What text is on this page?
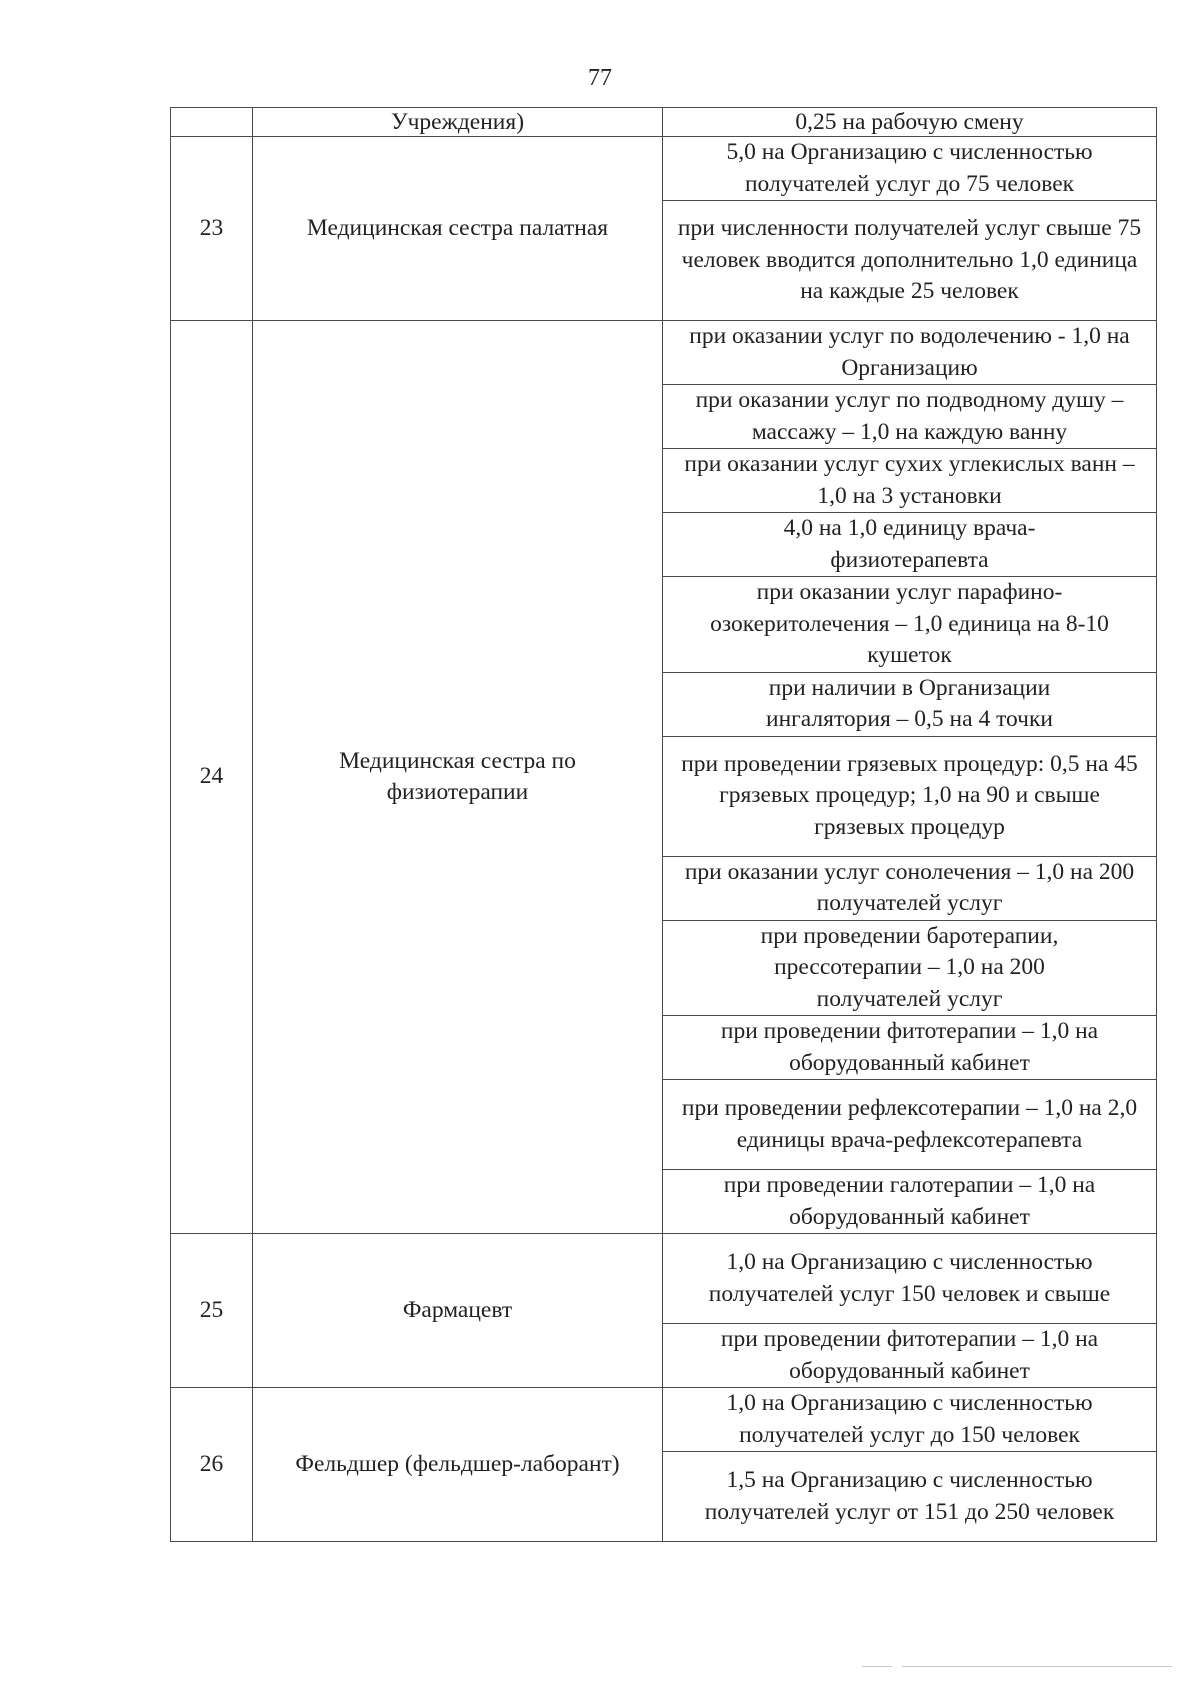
77
	Учреждения)	0,25 на рабочую смену
23	Медицинская сестра палатная	5,0 на Организацию с численностью получателей услуг до 75 человек
		при численности получателей услуг свыше 75 человек вводится дополнительно 1,0 единица на каждые 25 человек
24	Медицинская сестра по физиотерапии	при оказании услуг по водолечению - 1,0 на Организацию
		при оказании услуг по подводному душу – массажу – 1,0 на каждую ванну
		при оказании услуг сухих углекислых ванн – 1,0 на 3 установки
		4,0 на 1,0 единицу врача-физиотерапевта
		при оказании услуг парафино-озокеритолечения – 1,0 единица на 8-10 кушеток
		при наличии в Организации ингалятория – 0,5 на 4 точки
		при проведении грязевых процедур: 0,5 на 45 грязевых процедур; 1,0 на 90 и свыше грязевых процедур
		при оказании услуг сонолечения – 1,0 на 200 получателей услуг
		при проведении баротерапии, прессотерапии – 1,0 на 200 получателей услуг
		при проведении фитотерапии – 1,0 на оборудованный кабинет
		при проведении рефлексотерапии – 1,0 на 2,0 единицы врача-рефлексотерапевта
		при проведении галотерапии – 1,0 на оборудованный кабинет
25	Фармацевт	1,0 на Организацию с численностью получателей услуг 150 человек и свыше
		при проведении фитотерапии – 1,0 на оборудованный кабинет
26	Фельдшер (фельдшер-лаборант)	1,0 на Организацию с численностью получателей услуг до 150 человек
		1,5 на Организацию с численностью получателей услуг от 151 до 250 человек
